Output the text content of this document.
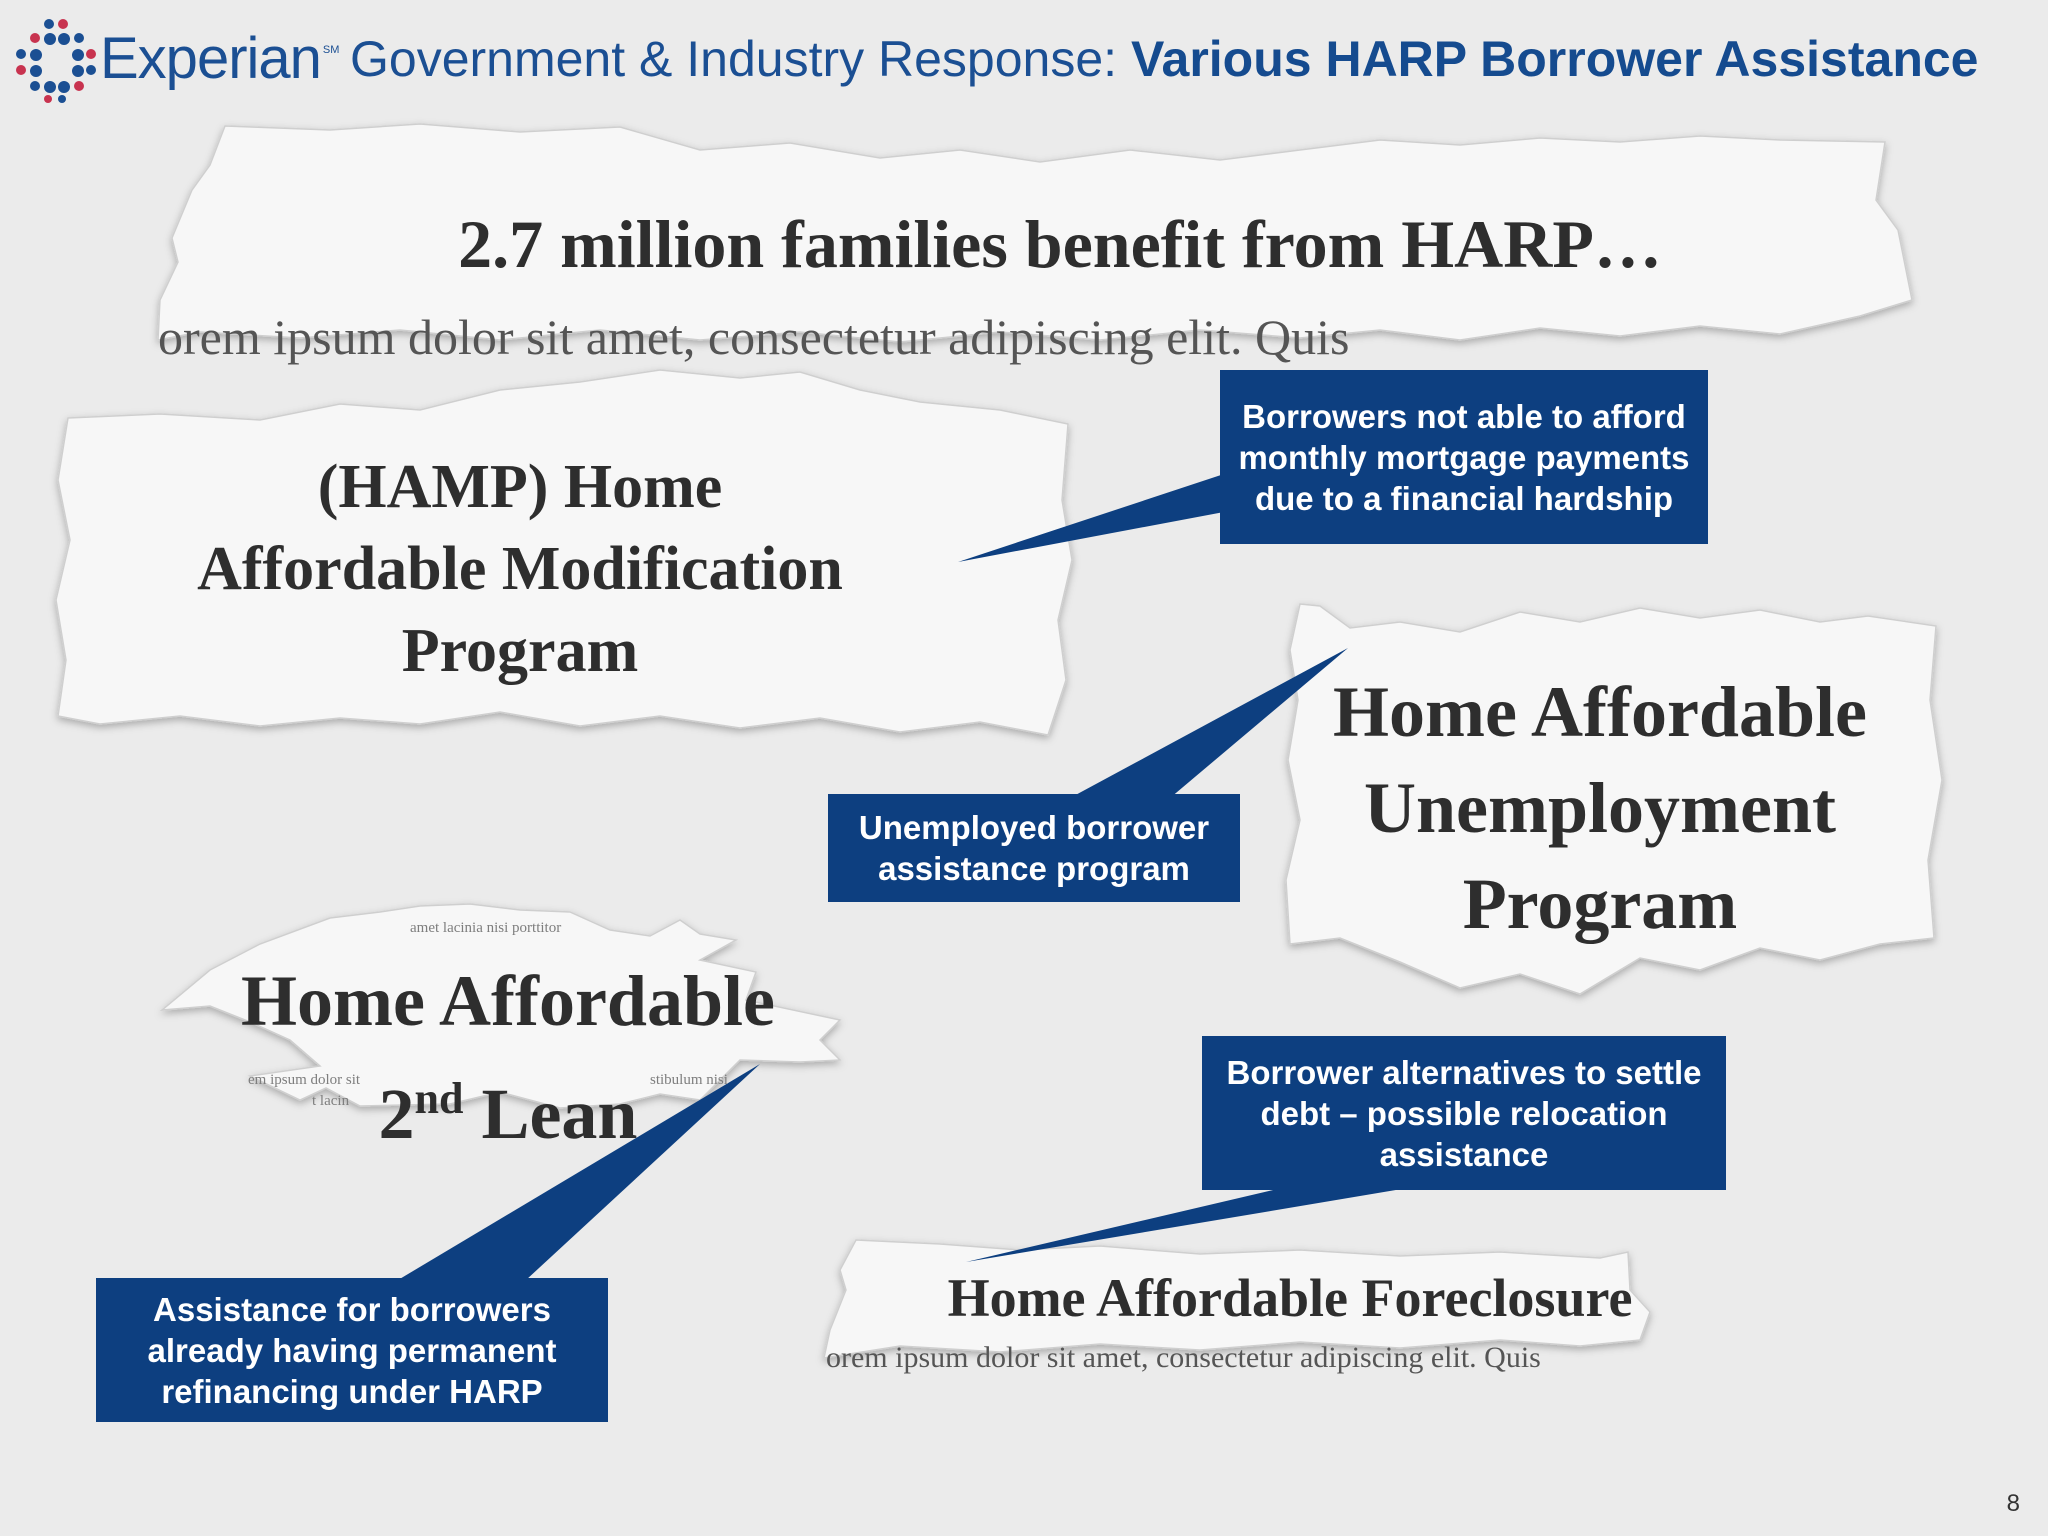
Experian SM Government & Industry Response: Various HARP Borrower Assistance
orem ipsum dolor sit amet, consectetur adipiscing elit. Quis
2.7 million families benefit from HARP…
(HAMP) Home
Affordable Modification
Program
Home Affordable
Unemployment
Program
amet lacinia nisi porttitor
em ipsum dolor sit
t lacin
stibulum nisi
Home Affordable
2nd Lean
orem ipsum dolor sit amet, consectetur adipiscing elit. Quis
Home Affordable Foreclosure
Borrowers not able to afford monthly mortgage payments due to a financial hardship
Unemployed borrower assistance program
Assistance for borrowers already having permanent refinancing under HARP
Borrower alternatives to settle debt – possible relocation assistance
8
